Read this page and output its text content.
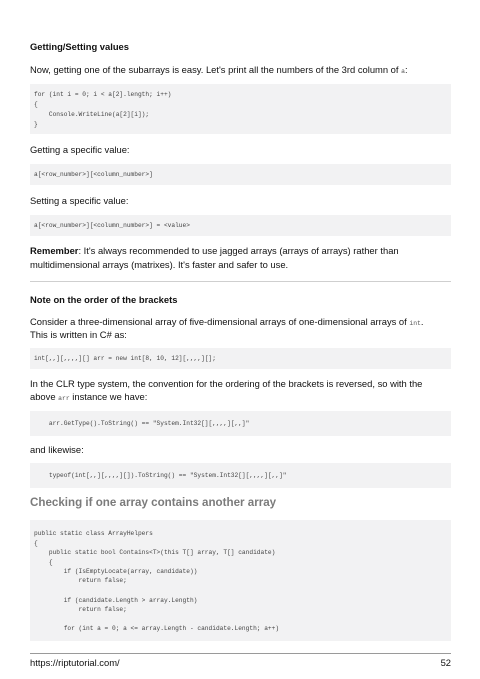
Getting/Setting values

Now, getting one of the subarrays is easy. Let's print all the numbers of the 3rd column of a:

for (int i = 0; i < a[2].length; i++)
{
Console.WriteLine(a[2][i]);
}

Getting a specific value:

a[<row_number>][<column_number>]

Setting a specific value:

a[<row_number>][<column_number>] = <value>

Remember: It's always recommended to use jagged arrays (arrays of arrays) rather than

multidimensional arrays (matrixes). It's faster and safer to use.

Note on the order of the brackets

Consider a three-dimensional array of five-dimensional arrays of one-dimensional arrays of int.

This is written in C# as:

int[,,][,,,,][] arr = new int[8, 10, 12][,,,,][];

In the CLR type system, the convention for the ordering of the brackets is reversed, so with the

above arr instance we have:

arr.GetType().ToString() == "System.Int32[][,,,,][,,]"

and likewise:

typeof(int[,,][,,,,][]).ToString() == "System.Int32[][,,,,][,,]"

Checking if one array contains another array

public static class ArrayHelpers
{
public static bool Contains<T>(this T[] array, T[] candidate)
{
if (IsEmptyLocate(array, candidate))
return false;
if (candidate.Length > array.Length)
return false;
for (int a = 0; a <= array.Length - candidate.Length; a++)
https://riptutorial.com/	52
